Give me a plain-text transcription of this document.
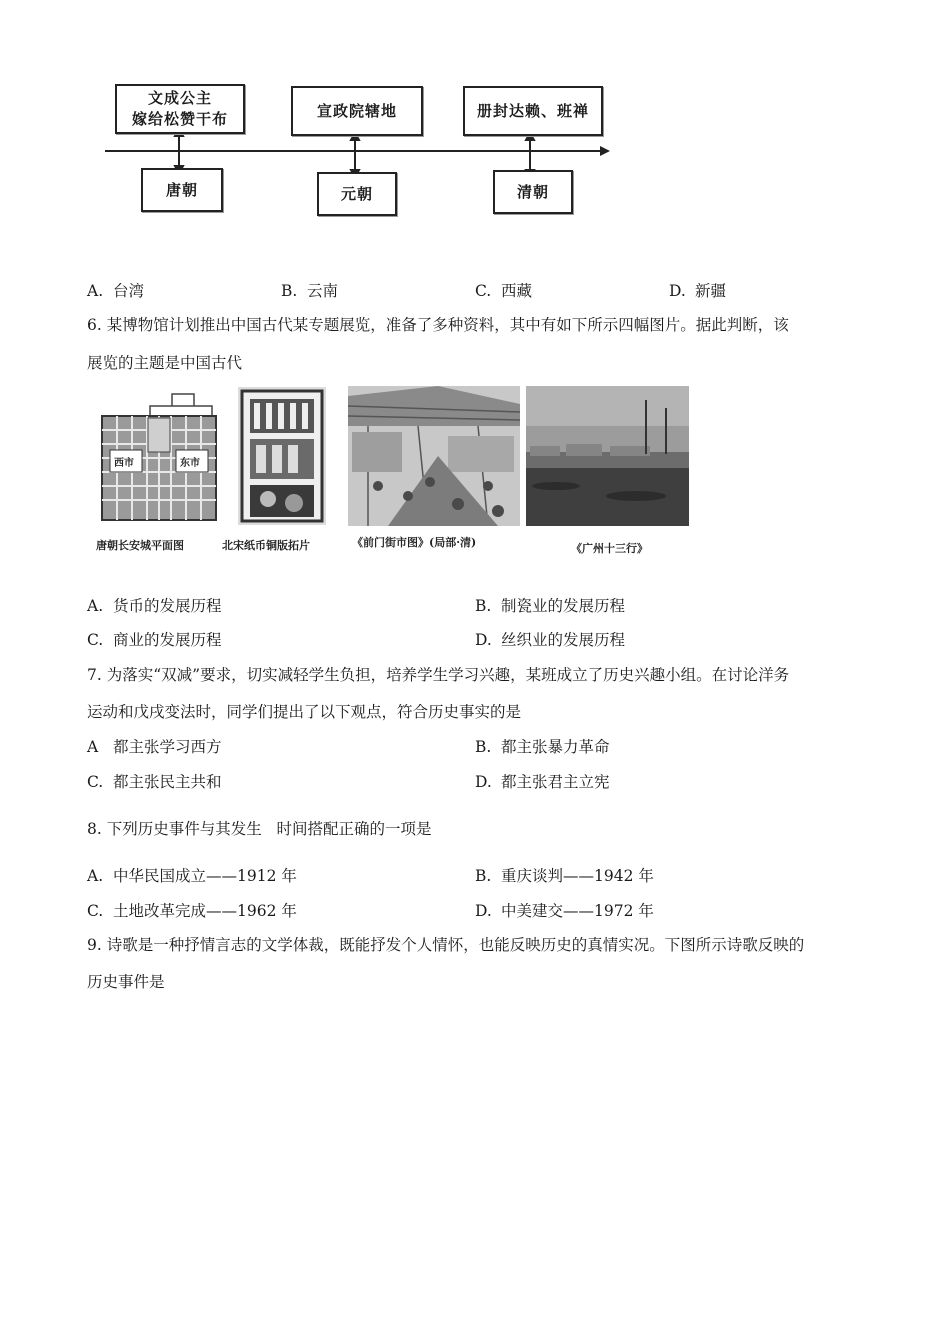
文成公主
嫁给松赞干布	宣政院辖地	册封达赖、班禅
唐朝	元朝	清朝
A. 台湾	B. 云南	C. 西藏	D. 新疆
6. 某博物馆计划推出中国古代某专题展览，准备了多种资料，其中有如下所示四幅图片。据此判断，该
展览的主题是中国古代
西市	东市
唐朝长安城平面图	北宋纸币铜版拓片	《前门街市图》(局部·清)	《广州十三行》
A. 货币的发展历程	B. 制瓷业的发展历程
C. 商业的发展历程	D. 丝织业的发展历程
7. 为落实“双减”要求，切实减轻学生负担，培养学生学习兴趣，某班成立了历史兴趣小组。在讨论洋务
运动和戊戌变法时，同学们提出了以下观点，符合历史事实的是
A 都主张学习西方	B. 都主张暴力革命
C. 都主张民主共和	D. 都主张君主立宪
8. 下列历史事件与其发生   时间搭配正确的一项是
A. 中华民国成立——1912 年	B. 重庆谈判——1942 年
C. 土地改革完成——1962 年	D. 中美建交——1972 年
9. 诗歌是一种抒情言志的文学体裁，既能抒发个人情怀，也能反映历史的真情实况。下图所示诗歌反映的
历史事件是
